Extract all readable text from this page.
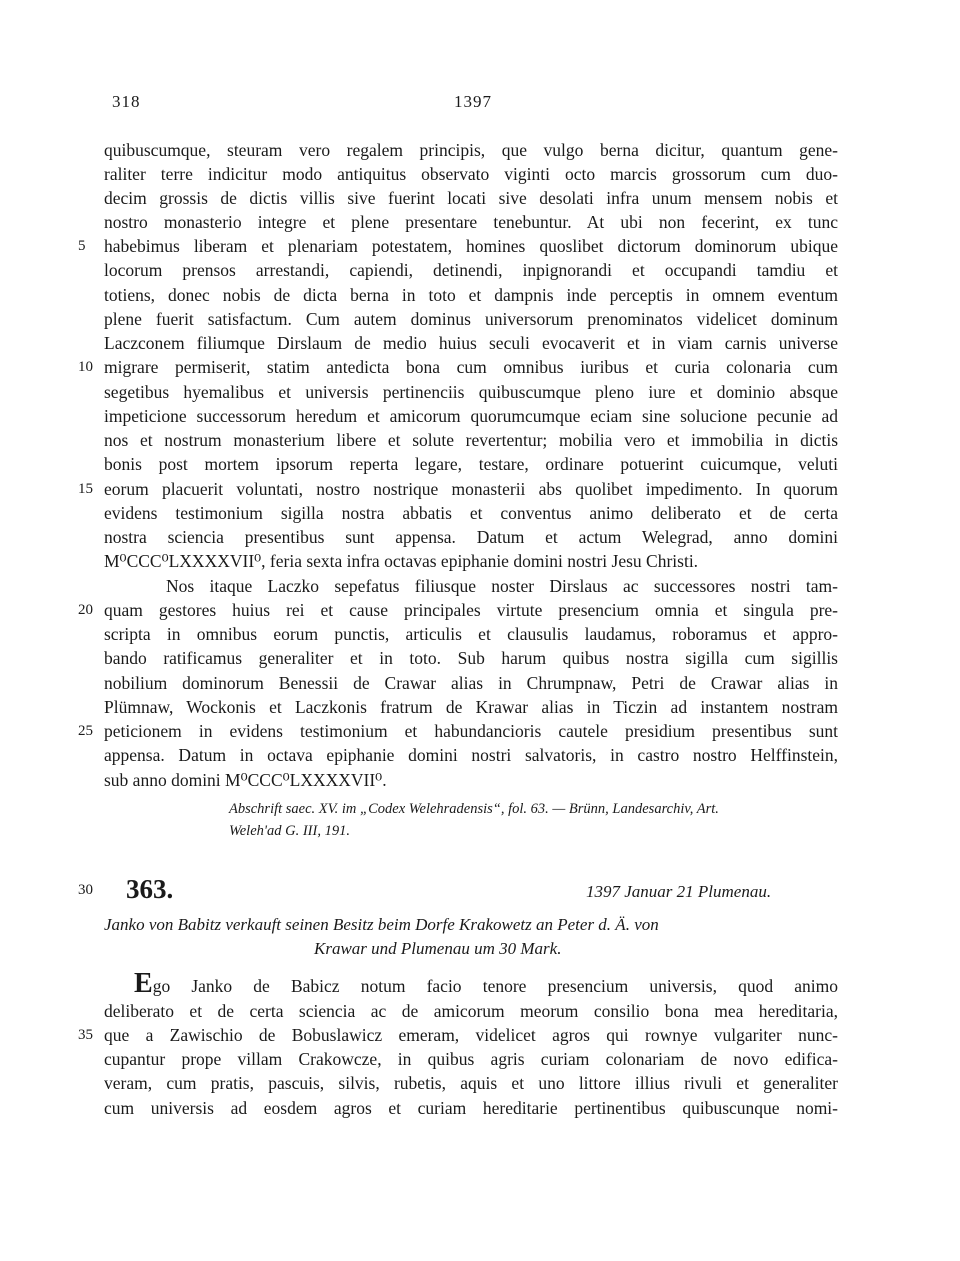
318	1397
quibuscumque, steuram vero regalem principis, que vulgo berna dicitur, quantum gene-
raliter terre indicitur modo antiquitus observato viginti octo marcis grossorum cum duo-
decim grossis de dictis villis sive fuerint locati sive desolati infra unum mensem nobis et
nostro monasterio integre et plene presentare tenebuntur. At ubi non fecerint, ex tunc
habebimus liberam et plenariam potestatem, homines quoslibet dictorum dominorum ubique
locorum prensos arrestandi, capiendi, detinendi, inpignorandi et occupandi tamdiu et
totiens, donec nobis de dicta berna in toto et dampnis inde perceptis in omnem eventum
plene fuerit satisfactum. Cum autem dominus universorum prenominatos videlicet dominum
Laczconem filiumque Dirslaum de medio huius seculi evocaverit et in viam carnis universe
migrare permiserit, statim antedicta bona cum omnibus iuribus et curia colonaria cum
segetibus hyemalibus et universis pertinenciis quibuscumque pleno iure et dominio absque
impeticione successorum heredum et amicorum quorumcumque eciam sine solucione pecunie ad
nos et nostrum monasterium libere et solute revertentur; mobilia vero et immobilia in dictis
bonis post mortem ipsorum reperta legare, testare, ordinare potuerint cuicumque, veluti
eorum placuerit voluntati, nostro nostrique monasterii abs quolibet impedimento. In quorum
evidens testimonium sigilla nostra abbatis et conventus animo deliberato et de certa
nostra sciencia presentibus sunt appensa. Datum et actum Welegrad, anno domini
M⁰CCC⁰LXXXXVII⁰, feria sexta infra octavas epiphanie domini nostri Jesu Christi.
Nos itaque Laczko sepefatus filiusque noster Dirslaus ac successores nostri tam-
quam gestores huius rei et cause principales virtute presencium omnia et singula pre-
scripta in omnibus eorum punctis, articulis et clausulis laudamus, roboramus et appro-
bando ratificamus generaliter et in toto. Sub harum quibus nostra sigilla cum sigillis
nobilium dominorum Benessii de Crawar alias in Chrumpnaw, Petri de Crawar alias in
Plümnaw, Wockonis et Laczkonis fratrum de Krawar alias in Ticzin ad instantem nostram
peticionem in evidens testimonium et habundancioris cautele presidium presentibus sunt
appensa. Datum in octava epiphanie domini nostri salvatoris, in castro nostro Helffinstein,
sub anno domini M⁰CCC⁰LXXXXVII⁰.
Abschrift saec. XV. im „Codex Welehradensis“, fol. 63. — Brünn, Landesarchiv, Art.
Weleh'ad G. III, 191.
363.	1397 Januar 21 Plumenau.
Janko von Babitz verkauft seinen Besitz beim Dorfe Krakowetz an Peter d. Ä. von
Krawar und Plumenau um 30 Mark.
Ego Janko de Babicz notum facio tenore presencium universis, quod animo
deliberato et de certa sciencia ac de amicorum meorum consilio bona mea hereditaria,
que a Zawischio de Bobuslawicz emeram, videlicet agros qui rownye vulgariter nunc-
cupantur prope villam Crakowcze, in quibus agris curiam colonariam de novo edifica-
veram, cum pratis, pascuis, silvis, rubetis, aquis et uno littore illius rivuli et generaliter
cum universis ad eosdem agros et curiam hereditarie pertinentibus quibuscunque nomi-
5
10
15
20
25
30
35
